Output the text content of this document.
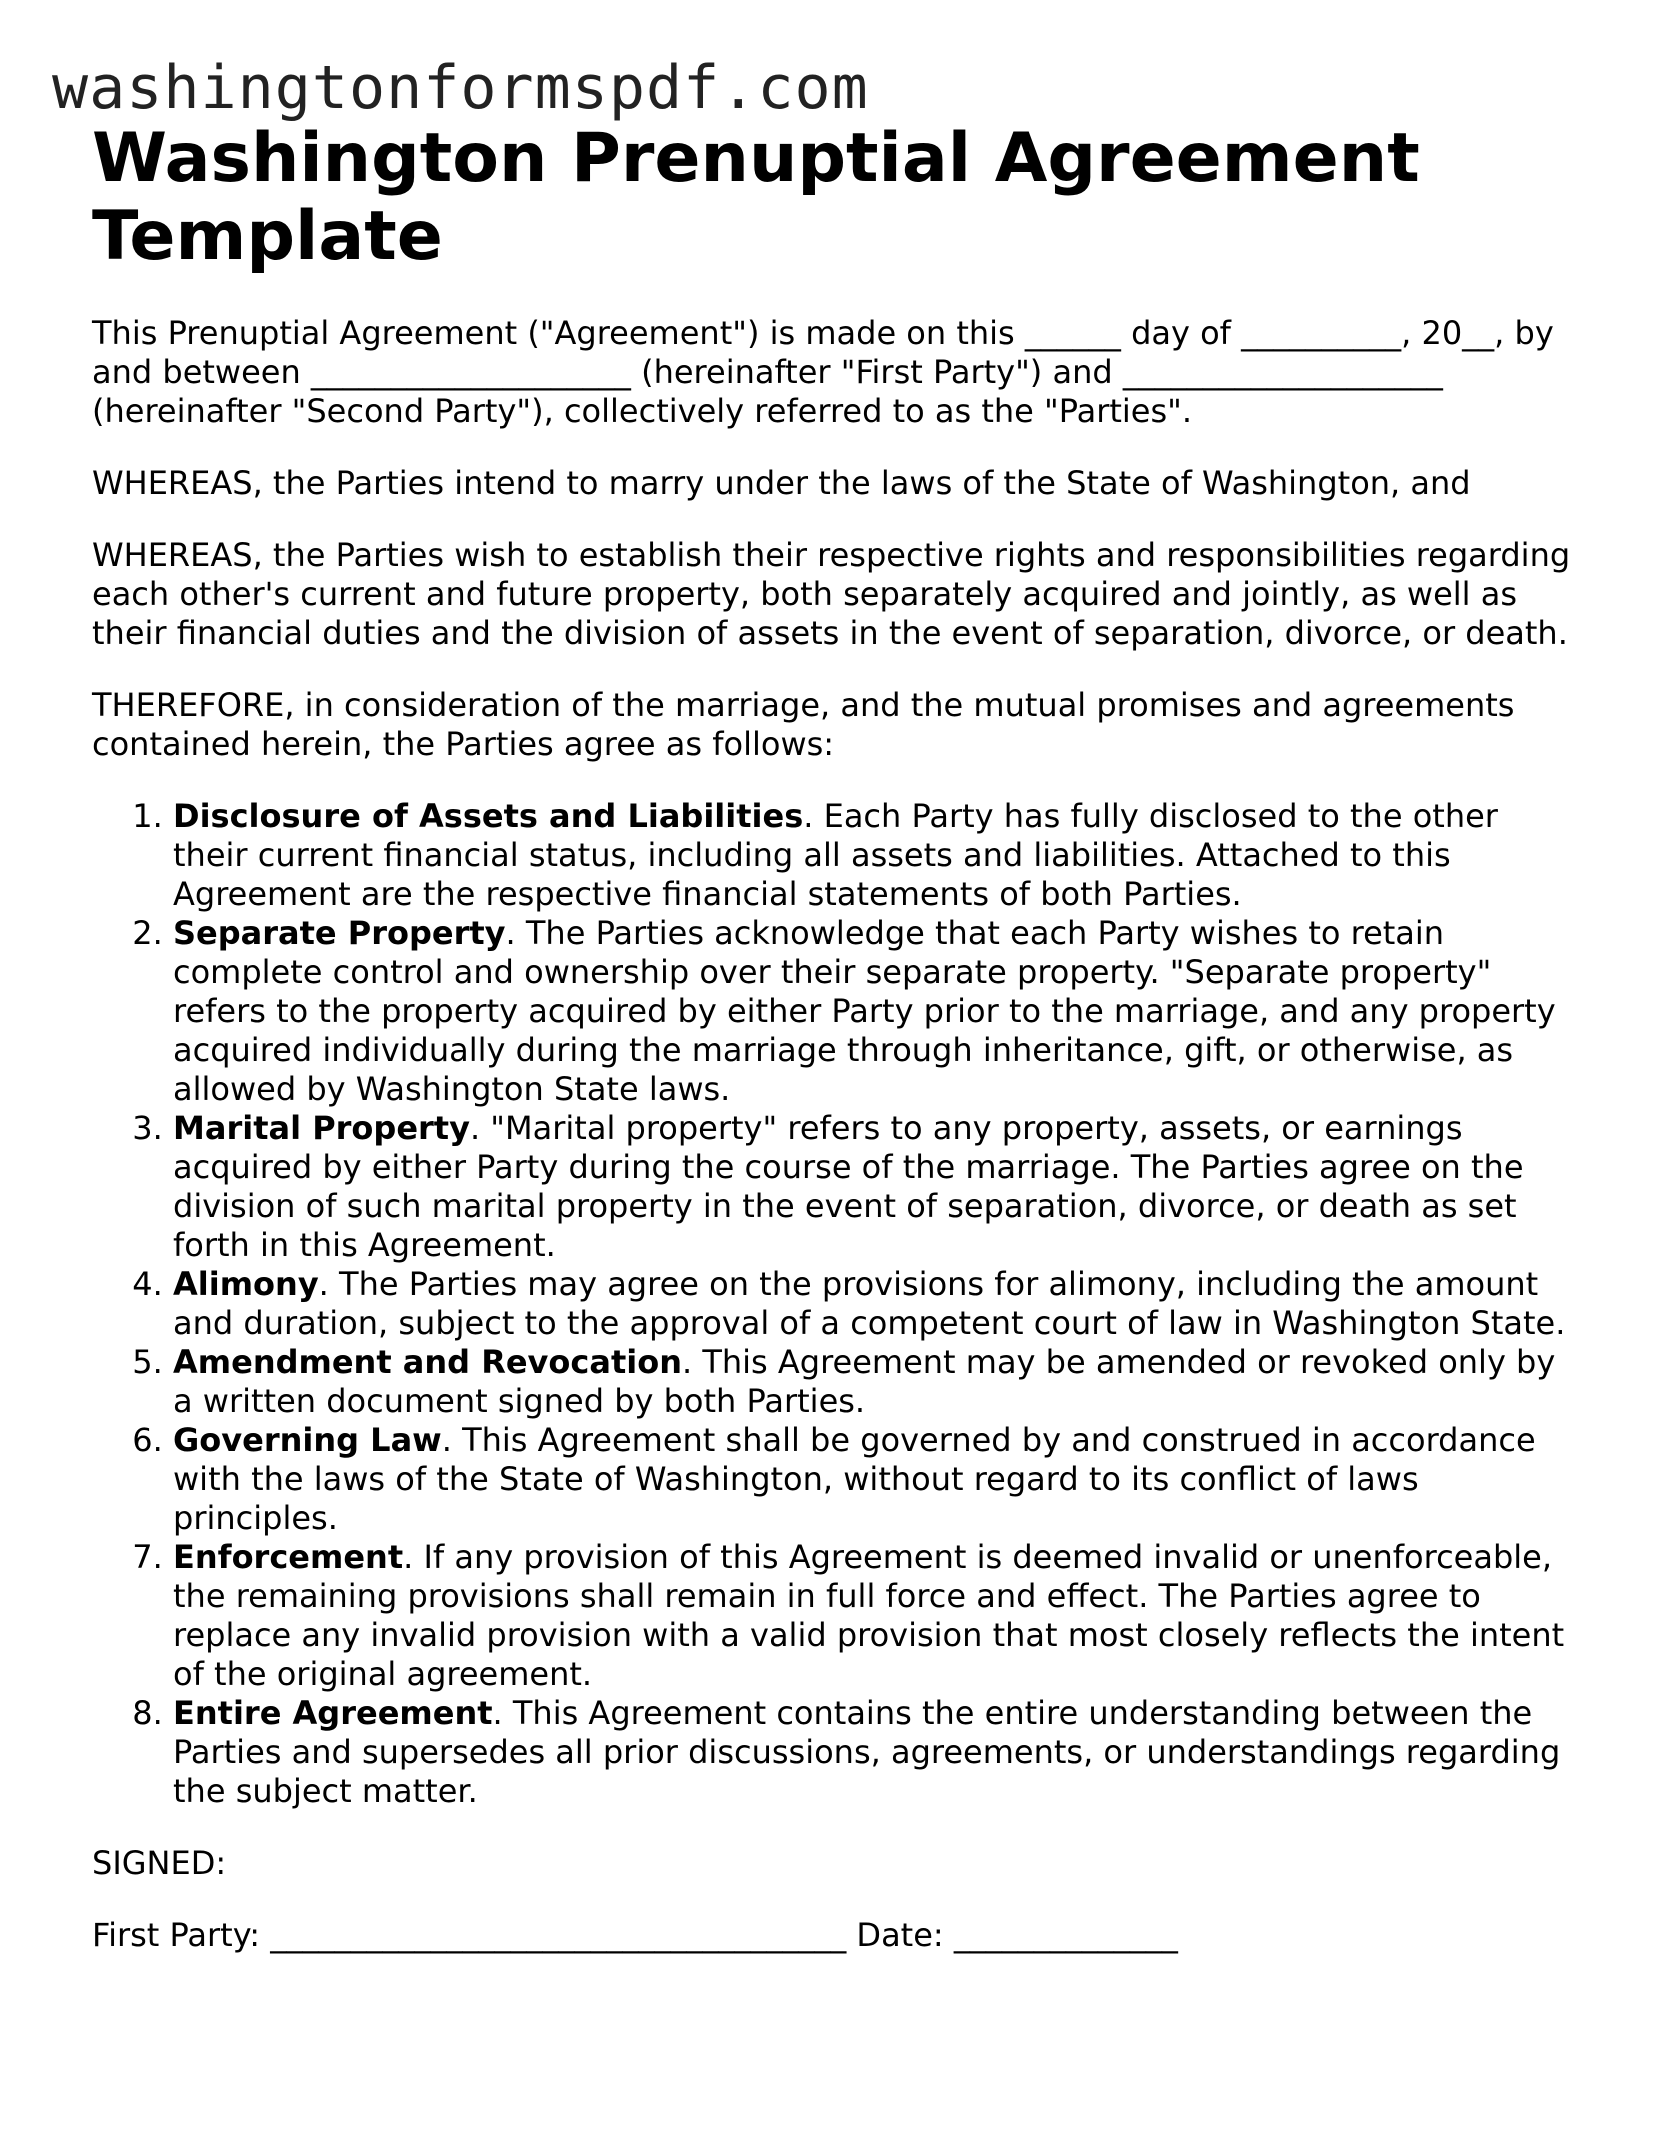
washingtonformspdf.com
Washington Prenuptial Agreement Template

This Prenuptial Agreement ("Agreement") is made on this ______ day of __________, 20__, by and between ____________________ (hereinafter "First Party") and ____________________ (hereinafter "Second Party"), collectively referred to as the "Parties".

WHEREAS, the Parties intend to marry under the laws of the State of Washington, and

WHEREAS, the Parties wish to establish their respective rights and responsibilities regarding each other's current and future property, both separately acquired and jointly, as well as their financial duties and the division of assets in the event of separation, divorce, or death.

THEREFORE, in consideration of the marriage, and the mutual promises and agreements contained herein, the Parties agree as follows:

1. Disclosure of Assets and Liabilities. Each Party has fully disclosed to the other their current financial status, including all assets and liabilities. Attached to this Agreement are the respective financial statements of both Parties.
2. Separate Property. The Parties acknowledge that each Party wishes to retain complete control and ownership over their separate property. "Separate property" refers to the property acquired by either Party prior to the marriage, and any property acquired individually during the marriage through inheritance, gift, or otherwise, as allowed by Washington State laws.
3. Marital Property. "Marital property" refers to any property, assets, or earnings acquired by either Party during the course of the marriage. The Parties agree on the division of such marital property in the event of separation, divorce, or death as set forth in this Agreement.
4. Alimony. The Parties may agree on the provisions for alimony, including the amount and duration, subject to the approval of a competent court of law in Washington State.
5. Amendment and Revocation. This Agreement may be amended or revoked only by a written document signed by both Parties.
6. Governing Law. This Agreement shall be governed by and construed in accordance with the laws of the State of Washington, without regard to its conflict of laws principles.
7. Enforcement. If any provision of this Agreement is deemed invalid or unenforceable, the remaining provisions shall remain in full force and effect. The Parties agree to replace any invalid provision with a valid provision that most closely reflects the intent of the original agreement.
8. Entire Agreement. This Agreement contains the entire understanding between the Parties and supersedes all prior discussions, agreements, or understandings regarding the subject matter.

SIGNED:

First Party: ____________________________________ Date: ______________
